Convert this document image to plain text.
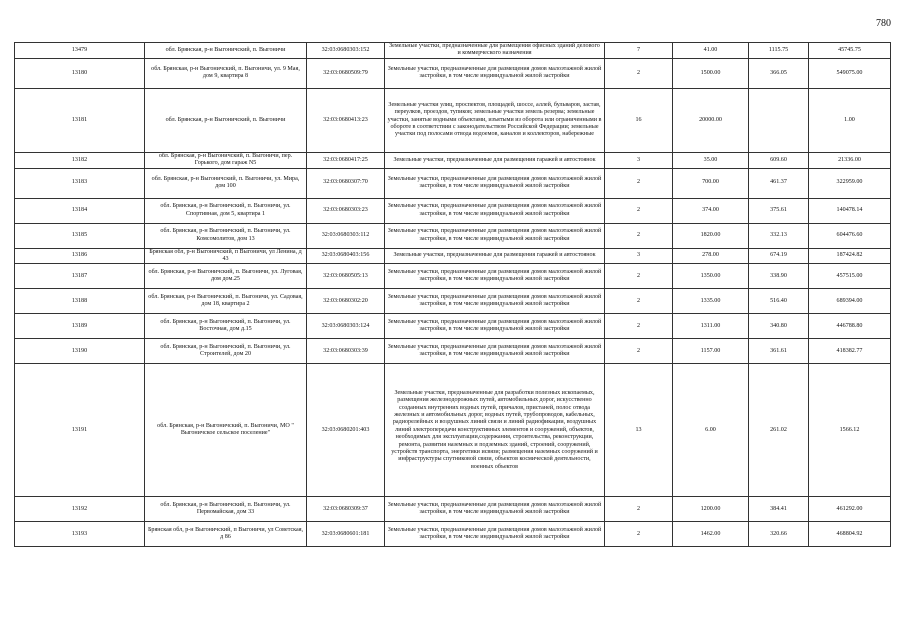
780
13479	обл. Брянская, р-н Выгоничский, п. Выгоничи	32:03:0680303:152	Земельные участки, предназначенные для размещения офисных зданий делового и коммерческого назначения	7	41.00	1115.75	45745.75
13180	обл. Брянская, р-н Выгоничский, п. Выгоничи, ул. 9 Мая, дом 9, квартира 8	32:03:0680509:79	Земельные участки, предназначенные для размещения домов малоэтажной жилой застройки, в том числе индивидуальной жилой застройки	2	1500.00	366.05	549075.00
13181	обл. Брянская, р-н Выгоничский, п. Выгоничи	32:03:0680413:23	Земельные участки улиц, проспектов, площадей, шоссе, аллей, бульваров, застав, переулков, проездов, тупиков; земельные участки земель резерва; земельные участки, занятые водными объектами, изъятыми из оборота или ограниченными в обороте в соответствии с законодательством Российской Федерации; земельные участки под полосами отвода водоемов, каналов и коллекторов, набережные	16	20000.00		1.00
13182	обл. Брянская, р-н Выгоничский, п. Выгоничи, пер. Горького, дом гараж N5	32:03:0680417:25	Земельные участки, предназначенные для размещения гаражей и автостоянок	3	35.00	609.60	21336.00
13183	обл. Брянская, р-н Выгоничский, п. Выгоничи, ул. Мира, дом 100	32:03:0680307:70	Земельные участки, предназначенные для размещения домов малоэтажной жилой застройки, в том числе индивидуальной жилой застройки	2	700.00	461.37	322959.00
13184	обл. Брянская, р-н Выгоничский, п. Выгоничи, ул. Спортивная, дом 5, квартира 1	32:03:0680303:23	Земельные участки, предназначенные для размещения домов малоэтажной жилой застройки, в том числе индивидуальной жилой застройки	2	374.00	375.61	140478.14
13185	обл. Брянская, р-н Выгоничский, п. Выгоничи, ул. Комсомолитов, дом 13	32:03:0680303:112	Земельные участки, предназначенные для размещения домов малоэтажной жилой застройки, в том числе индивидуальной жилой застройки	2	1820.00	332.13	604476.60
13186	Брянская обл, р-н Выгоничский, п Выгоничи, ул Ленина, д 43	32:03:0680403:156	Земельные участки, предназначенные для размещения гаражей и автостоянок	3	278.00	674.19	187424.82
13187	обл. Брянская, р-н Выгоничский, п. Выгоничи, ул. Луговая, дом дом.25	32:03:0680505:13	Земельные участки, предназначенные для размещения домов малоэтажной жилой застройки, в том числе индивидуальной жилой застройки	2	1350.00	338.90	457515.00
13188	обл. Брянская, р-н Выгоничский, п. Выгоничи, ул. Садовая, дом 18, квартира 2	32:03:0680302:20	Земельные участки, предназначенные для размещения домов малоэтажной жилой застройки, в том числе индивидуальной жилой застройки	2	1335.00	516.40	689394.00
13189	обл. Брянская, р-н Выгоничский, п. Выгоничи, ул. Восточная, дом д.15	32:03:0680303:124	Земельные участки, предназначенные для размещения домов малоэтажной жилой застройки, в том числе индивидуальной жилой застройки	2	1311.00	340.80	446788.80
13190	обл. Брянская, р-н Выгоничский, п. Выгоничи, ул. Строителей, дом 20	32:03:0680303:39	Земельные участки, предназначенные для размещения домов малоэтажной жилой застройки, в том числе индивидуальной жилой застройки	2	1157.00	361.61	418382.77
13191	обл. Брянская, р-н Выгоничский, п. Выгоничи, МО " Выгоничское сельское поселение"	32:03:0680201:403	Земельные участки, предназначенные для разработки полезных ископаемых, размещения железнодорожных путей, автомобильных дорог, искусственно созданных внутренних водных путей, причалов, пристаней, полос отвода железных и автомобильных дорог, водных путей, трубопроводов, кабельных, радиорелейных и воздушных линий связи и линий радиофикации, воздушных линий электропередачи конструктивных элементов и сооружений, объектов, необходимых для эксплуатации,содержания, строительства, реконструкции, ремонта, развития наземных и подземных зданий, строений, сооружений, устройств транспорта, энергетики исвязи; размещения наземных сооружений и инфраструктуры спутниковой связи, объектов космической деятельности, военных объектов	13	6.00	261.02	1566.12
13192	обл. Брянская, р-н Выгоничский, п. Выгоничи, ул. Первомайская, дом 33	32:03:0680309:37	Земельные участки, предназначенные для размещения домов малоэтажной жилой застройки, в том числе индивидуальной жилой застройки	2	1200.00	384.41	461292.00
13193	Брянская обл, р-н Выгоничский, п Выгоничи, ул Советская, д 86	32:03:0680601:181	Земельные участки, предназначенные для размещения домов малоэтажной жилой застройки, в том числе индивидуальной жилой застройки	2	1462.00	320.66	468804.92
